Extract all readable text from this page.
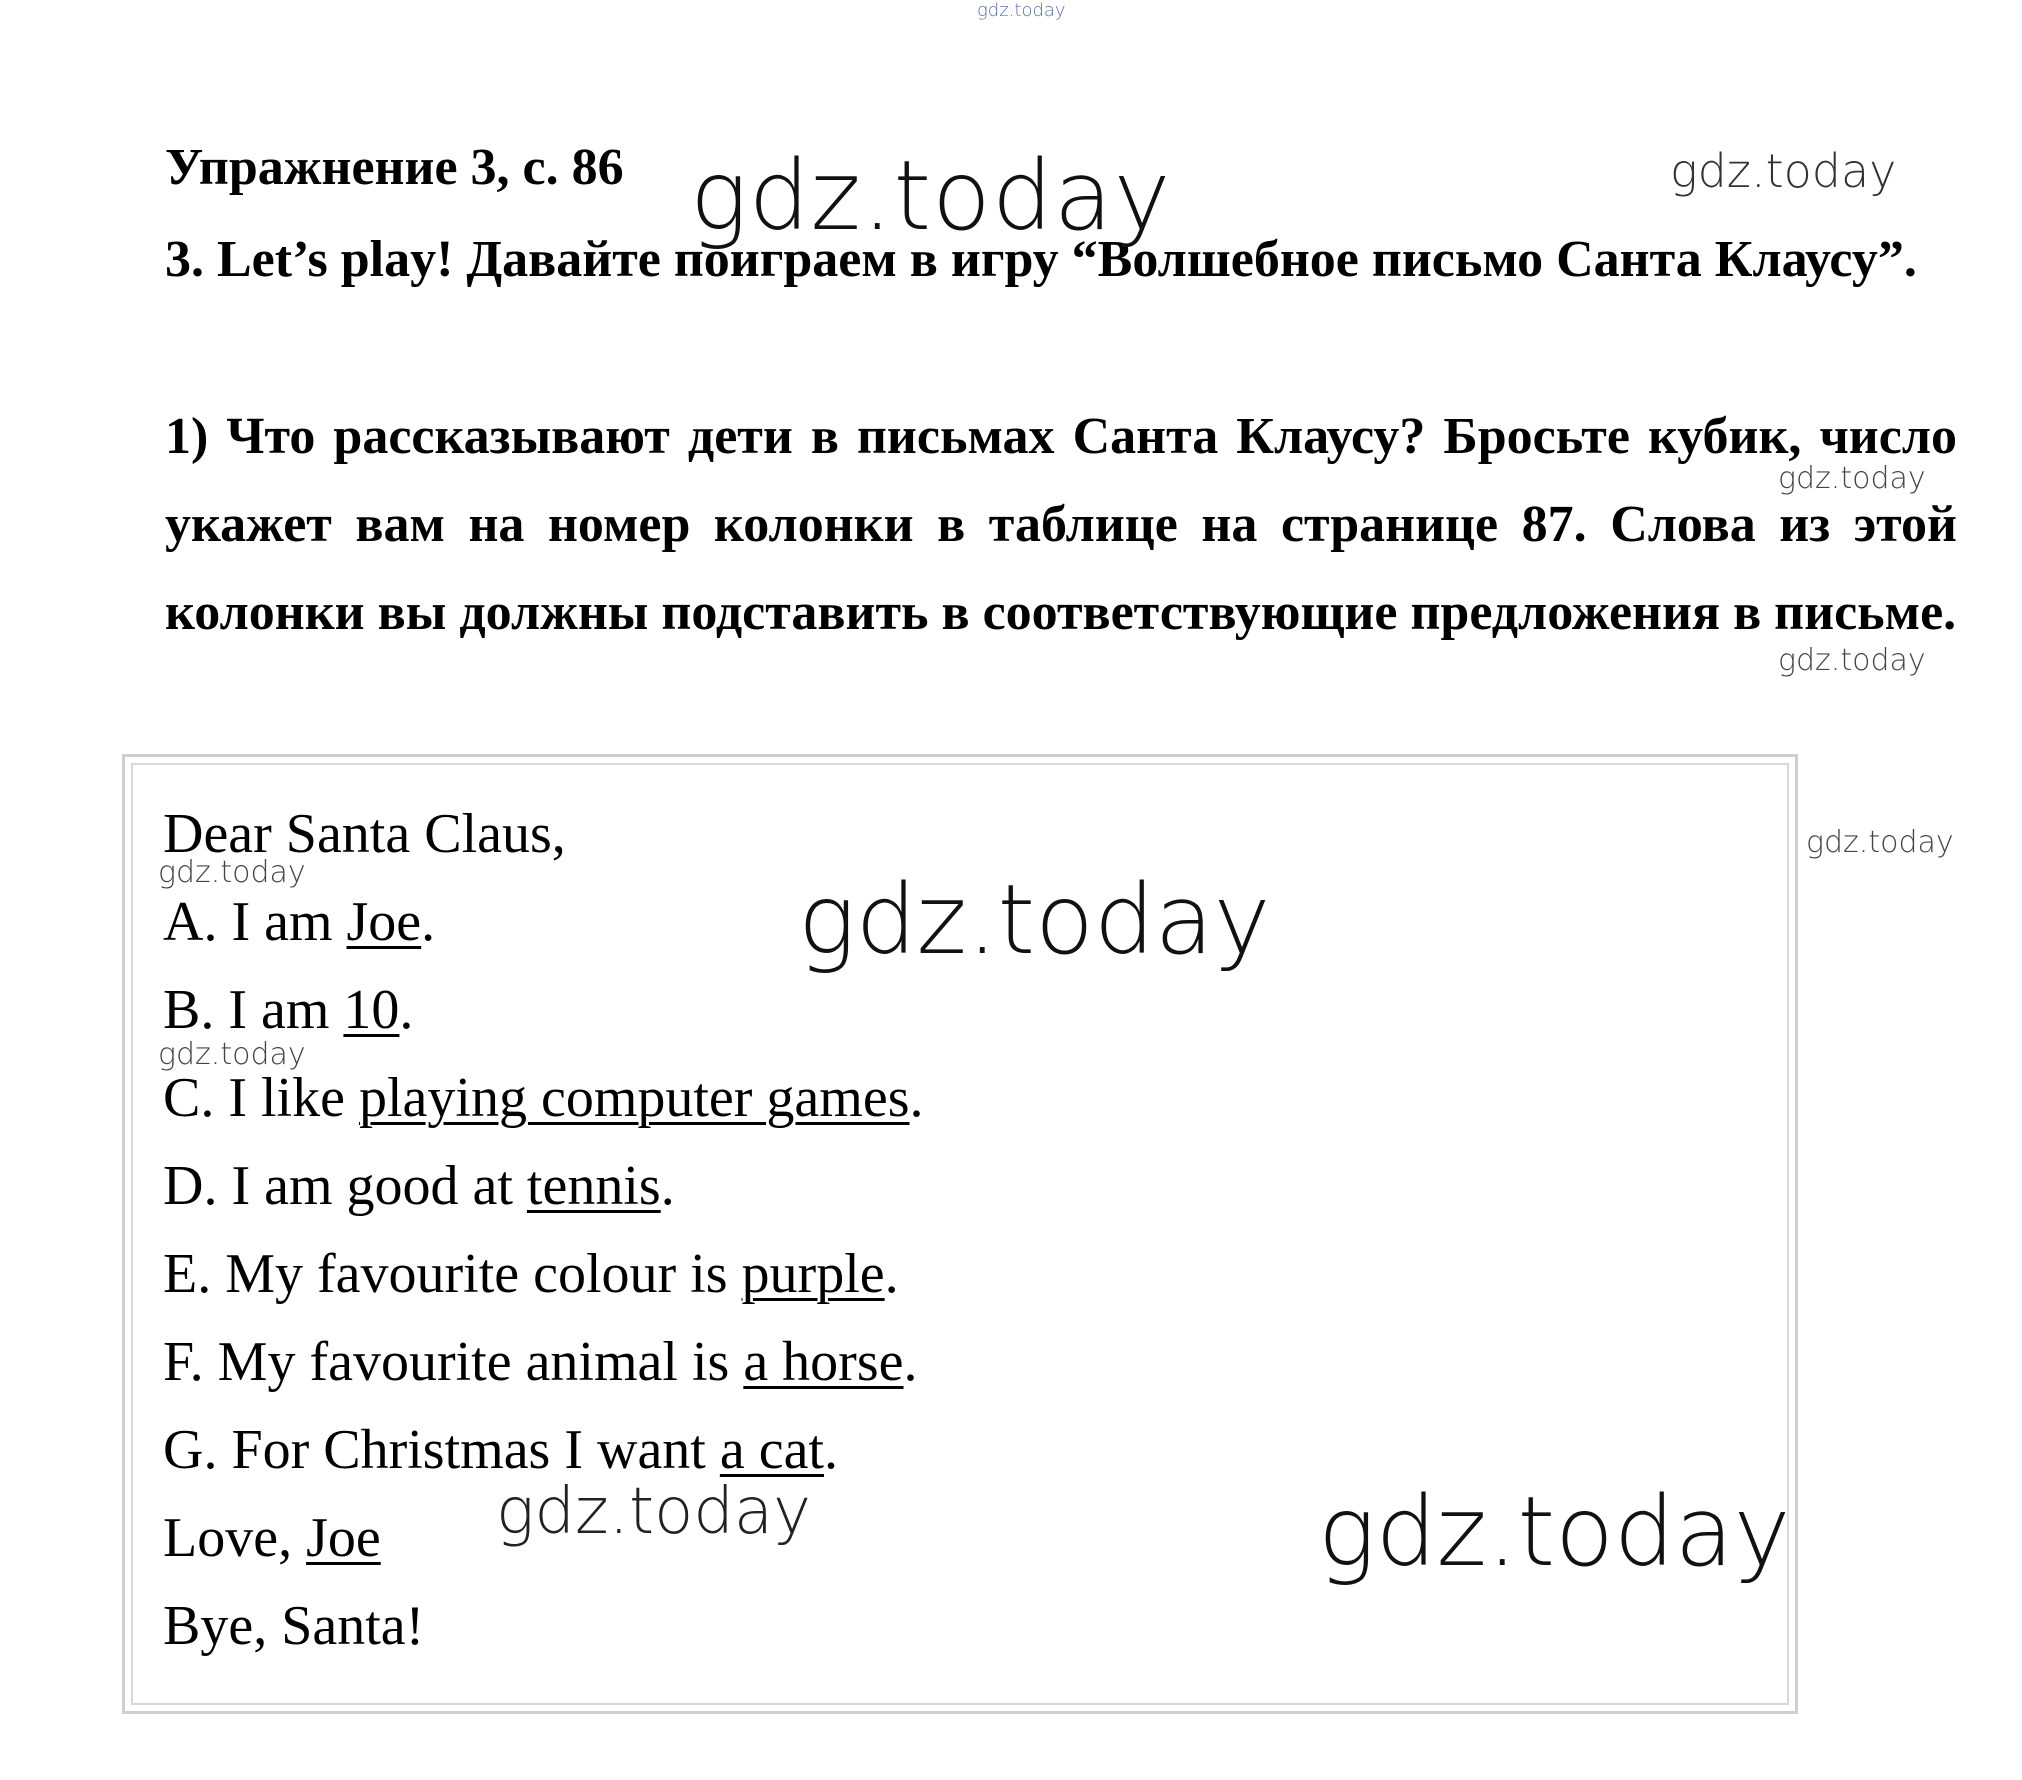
Упражнение 3, с. 86
3. Let’s play! Давайте поиграем в игру “Волшебное письмо Санта Клаусу”.
1) Что рассказывают дети в письмах Санта Клаусу? Бросьте кубик, число укажет вам на номер колонки в таблице на странице 87. Слова из этой колонки вы должны подставить в соответствующие предложения в письме.
Dear Santa Claus,
A. I am Joe.
B. I am 10.
C. I like playing computer games.
D. I am good at tennis.
E. My favourite colour is purple.
F. My favourite animal is a horse.
G. For Christmas I want a cat.
Love, Joe
Bye, Santa!
gdz.today
gdz.today	gdz.today
gdz.today
gdz.today
gdz.today
gdz.today	gdz.today
gdz.today
gdz.today	gdz.today
